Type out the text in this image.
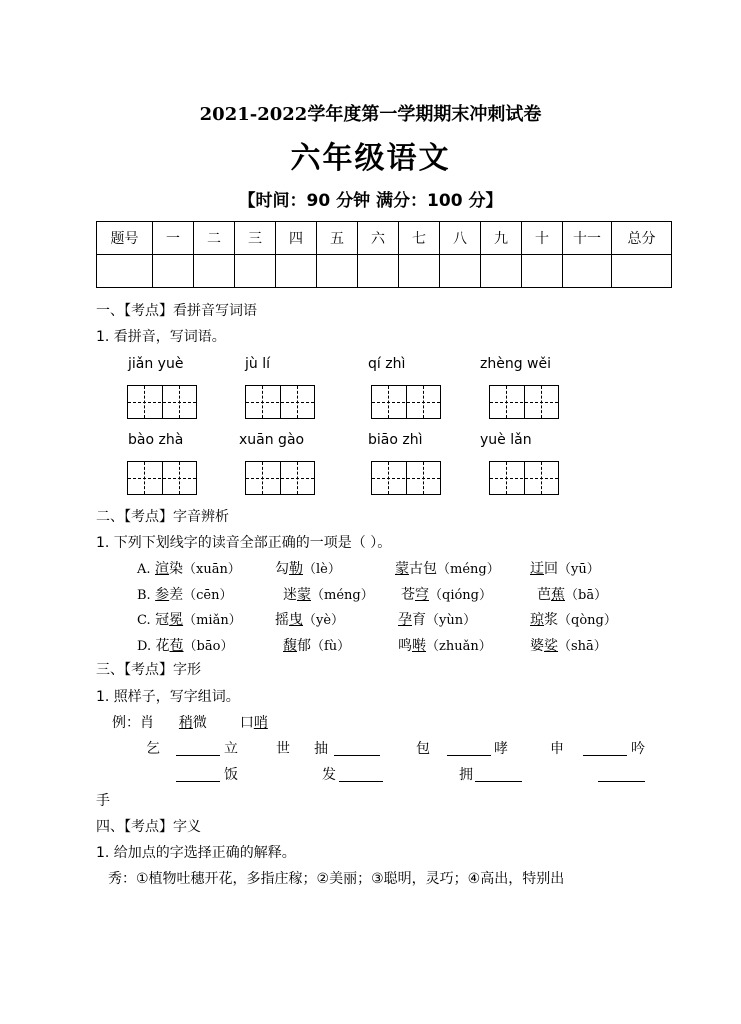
2021-2022学年度第一学期期末冲刺试卷
六年级语文
【时间：90 分钟 满分：100 分】
题号	一	二	三	四	五	六	七	八	九	十	十一	总分

一、【考点】看拼音写词语
1. 看拼音，写词语。
jiǎn yuè	jù lí	qí zhì	zhèng wěi
bào zhà	xuān gào	biāo zhì	yuè lǎn
二、【考点】字音辨析
1. 下列下划线字的读音全部正确的一项是（ ）。
A. 渲染（xuān） 勾勒（lè）	蒙古包（méng） 迂回（yū）
B. 参差（cēn）	迷蒙（méng） 苍穹（qióng）	芭蕉（bā）
C. 冠冕（miǎn） 摇曳（yè）	孕育（yùn）	琼浆（qòng）
D. 花苞（bāo）	馥郁（fù）	鸣啭（zhuǎn）	婆娑（shā）
三、【考点】字形
1. 照样子，写字组词。
例：肖 稍微 口哨
乞	立	世 抽	包	哮	申	吟
饭	发	拥
手
四、【考点】字义
1. 给加点的字选择正确的解释。
秀：①植物吐穗开花，多指庄稼；②美丽；③聪明，灵巧；④高出，特别出
